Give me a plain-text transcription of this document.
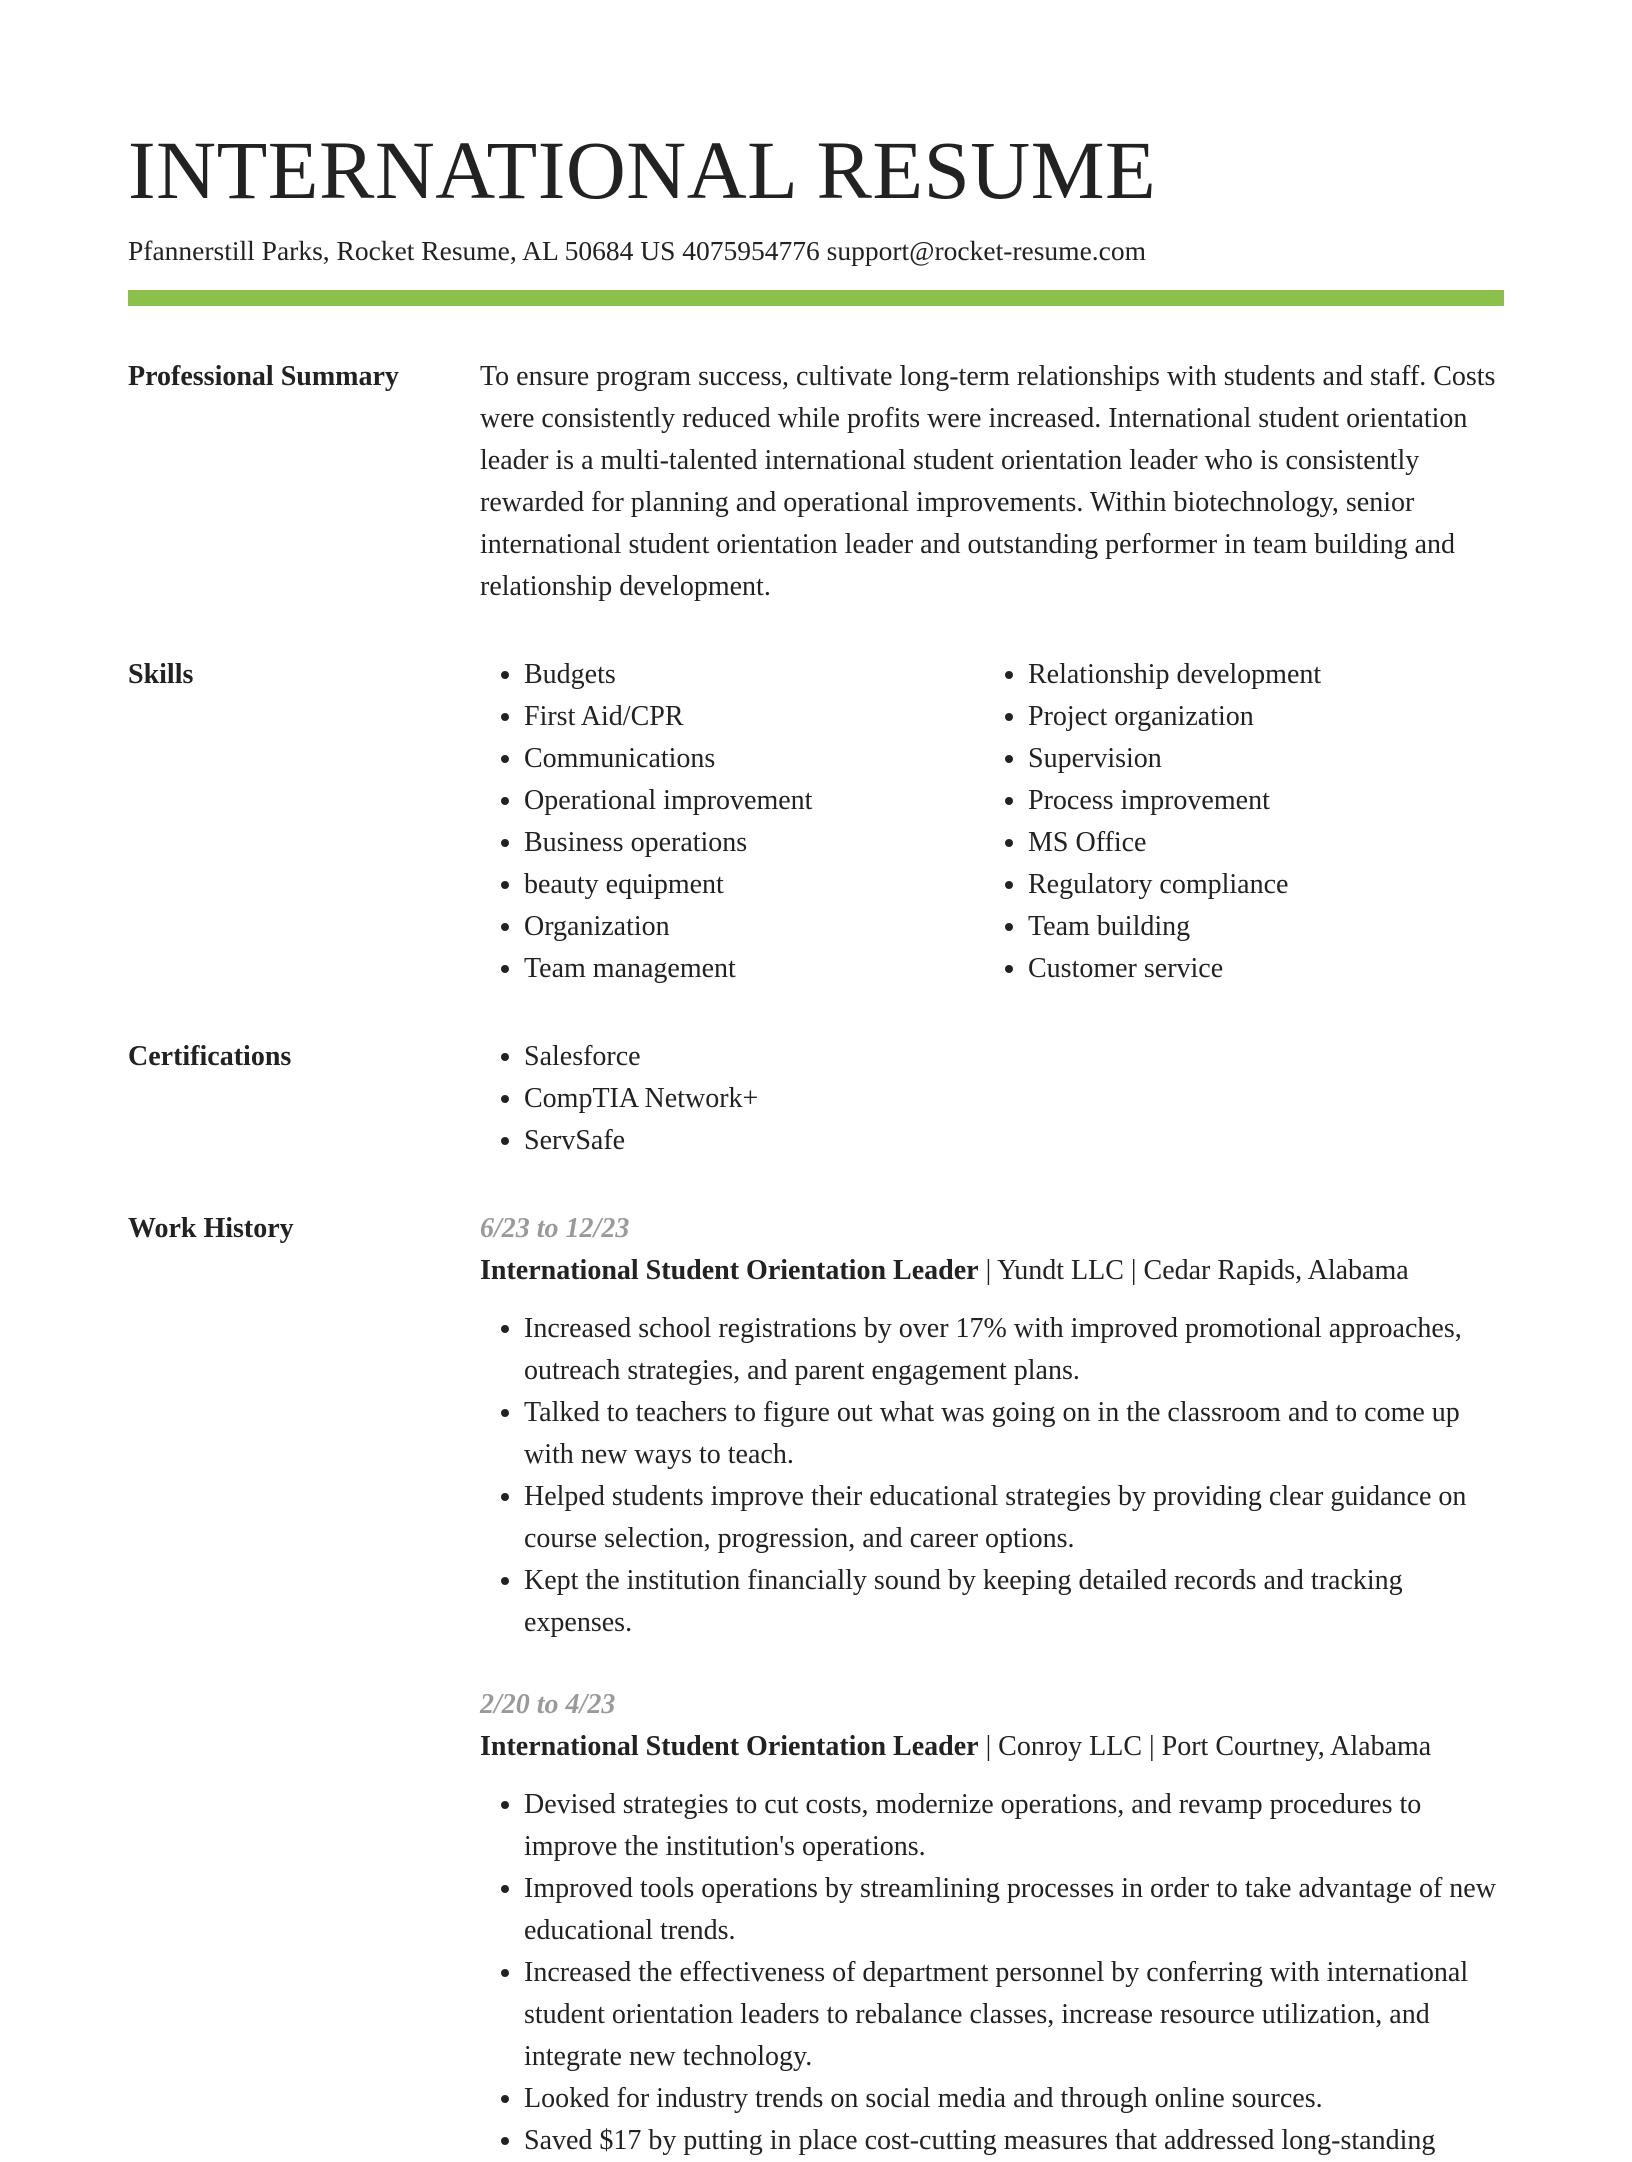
INTERNATIONAL RESUME
Pfannerstill Parks, Rocket Resume, AL 50684 US 4075954776 support@rocket-resume.com
Professional Summary	To ensure program success, cultivate long-term relationships with students and staff. Costs were consistently reduced while profits were increased. International student orientation leader is a multi-talented international student orientation leader who is consistently rewarded for planning and operational improvements. Within biotechnology, senior international student orientation leader and outstanding performer in team building and relationship development.

Skills	• Budgets
• First Aid/CPR
• Communications
• Operational improvement
• Business operations
• beauty equipment
• Organization
• Team management
• Relationship development
• Project organization
• Supervision
• Process improvement
• MS Office
• Regulatory compliance
• Team building
• Customer service
Certifications	• Salesforce
• CompTIA Network+
• ServSafe
Work History	6/23 to 12/23
International Student Orientation Leader | Yundt LLC | Cedar Rapids, Alabama
• Increased school registrations by over 17% with improved promotional approaches, outreach strategies, and parent engagement plans.
• Talked to teachers to figure out what was going on in the classroom and to come up with new ways to teach.
• Helped students improve their educational strategies by providing clear guidance on course selection, progression, and career options.
• Kept the institution financially sound by keeping detailed records and tracking expenses.
2/20 to 4/23
International Student Orientation Leader | Conroy LLC | Port Courtney, Alabama
• Devised strategies to cut costs, modernize operations, and revamp procedures to improve the institution's operations.
• Improved tools operations by streamlining processes in order to take advantage of new educational trends.
• Increased the effectiveness of department personnel by conferring with international student orientation leaders to rebalance classes, increase resource utilization, and integrate new technology.
• Looked for industry trends on social media and through online sources.
• Saved $17 by putting in place cost-cutting measures that addressed long-standing
